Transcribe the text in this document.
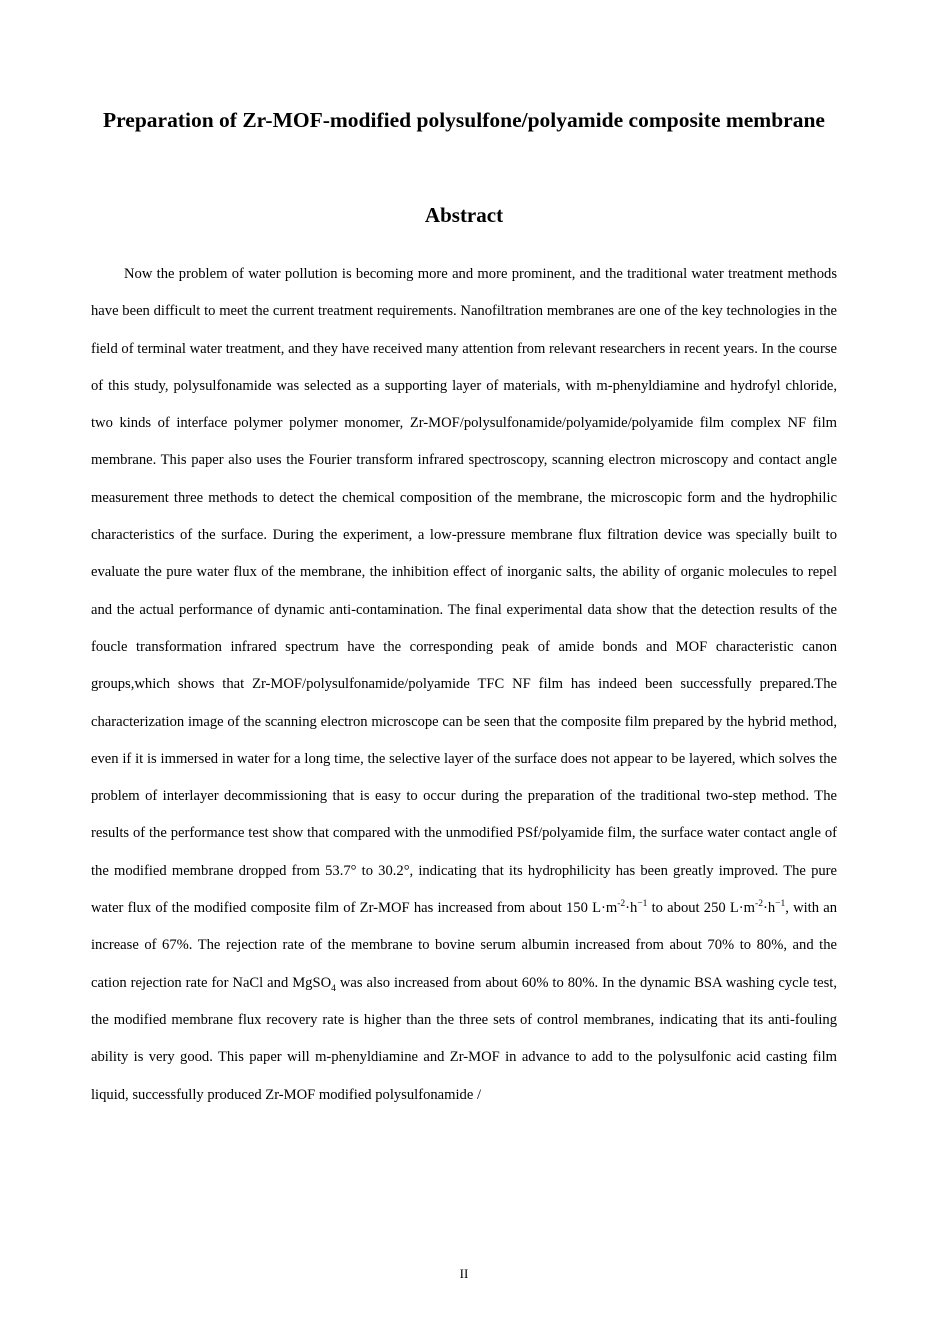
Preparation of Zr-MOF-modified polysulfone/polyamide composite membrane
Abstract

Now the problem of water pollution is becoming more and more prominent, and the traditional water treatment methods have been difficult to meet the current treatment requirements. Nanofiltration membranes are one of the key technologies in the field of terminal water treatment, and they have received many attention from relevant researchers in recent years. In the course of this study, polysulfonamide was selected as a supporting layer of materials, with m-phenyldiamine and hydrofyl chloride, two kinds of interface polymer polymer monomer, Zr-MOF/polysulfonamide/polyamide/polyamide film complex NF film membrane. This paper also uses the Fourier transform infrared spectroscopy, scanning electron microscopy and contact angle measurement three methods to detect the chemical composition of the membrane, the microscopic form and the hydrophilic characteristics of the surface. During the experiment, a low-pressure membrane flux filtration device was specially built to evaluate the pure water flux of the membrane, the inhibition effect of inorganic salts, the ability of organic molecules to repel and the actual performance of dynamic anti-contamination. The final experimental data show that the detection results of the foucle transformation infrared spectrum have the corresponding peak of amide bonds and MOF characteristic canon groups,which shows that Zr-MOF/polysulfonamide/polyamide TFC NF film has indeed been successfully prepared.The characterization image of the scanning electron microscope can be seen that the composite film prepared by the hybrid method, even if it is immersed in water for a long time, the selective layer of the surface does not appear to be layered, which solves the problem of interlayer decommissioning that is easy to occur during the preparation of the traditional two-step method. The results of the performance test show that compared with the unmodified PSf/polyamide film, the surface water contact angle of the modified membrane dropped from 53.7° to 30.2°, indicating that its hydrophilicity has been greatly improved. The pure water flux of the modified composite film of Zr-MOF has increased from about 150 $L\cdot m^{-2}\cdot h^{-1}$ to about 250 $L\cdot m^{-2}\cdot h^{-1}$, with an increase of 67%. The rejection rate of the membrane to bovine serum albumin increased from about 70% to 80%, and the cation rejection rate for NaCl and MgSO$_4$ was also increased from about 60% to 80%. In the dynamic BSA washing cycle test, the modified membrane flux recovery rate is higher than the three sets of control membranes, indicating that its anti-fouling ability is very good. This paper will m-phenyldiamine and Zr-MOF in advance to add to the polysulfonic acid casting film liquid, successfully produced Zr-MOF modified polysulfonamide /

II
